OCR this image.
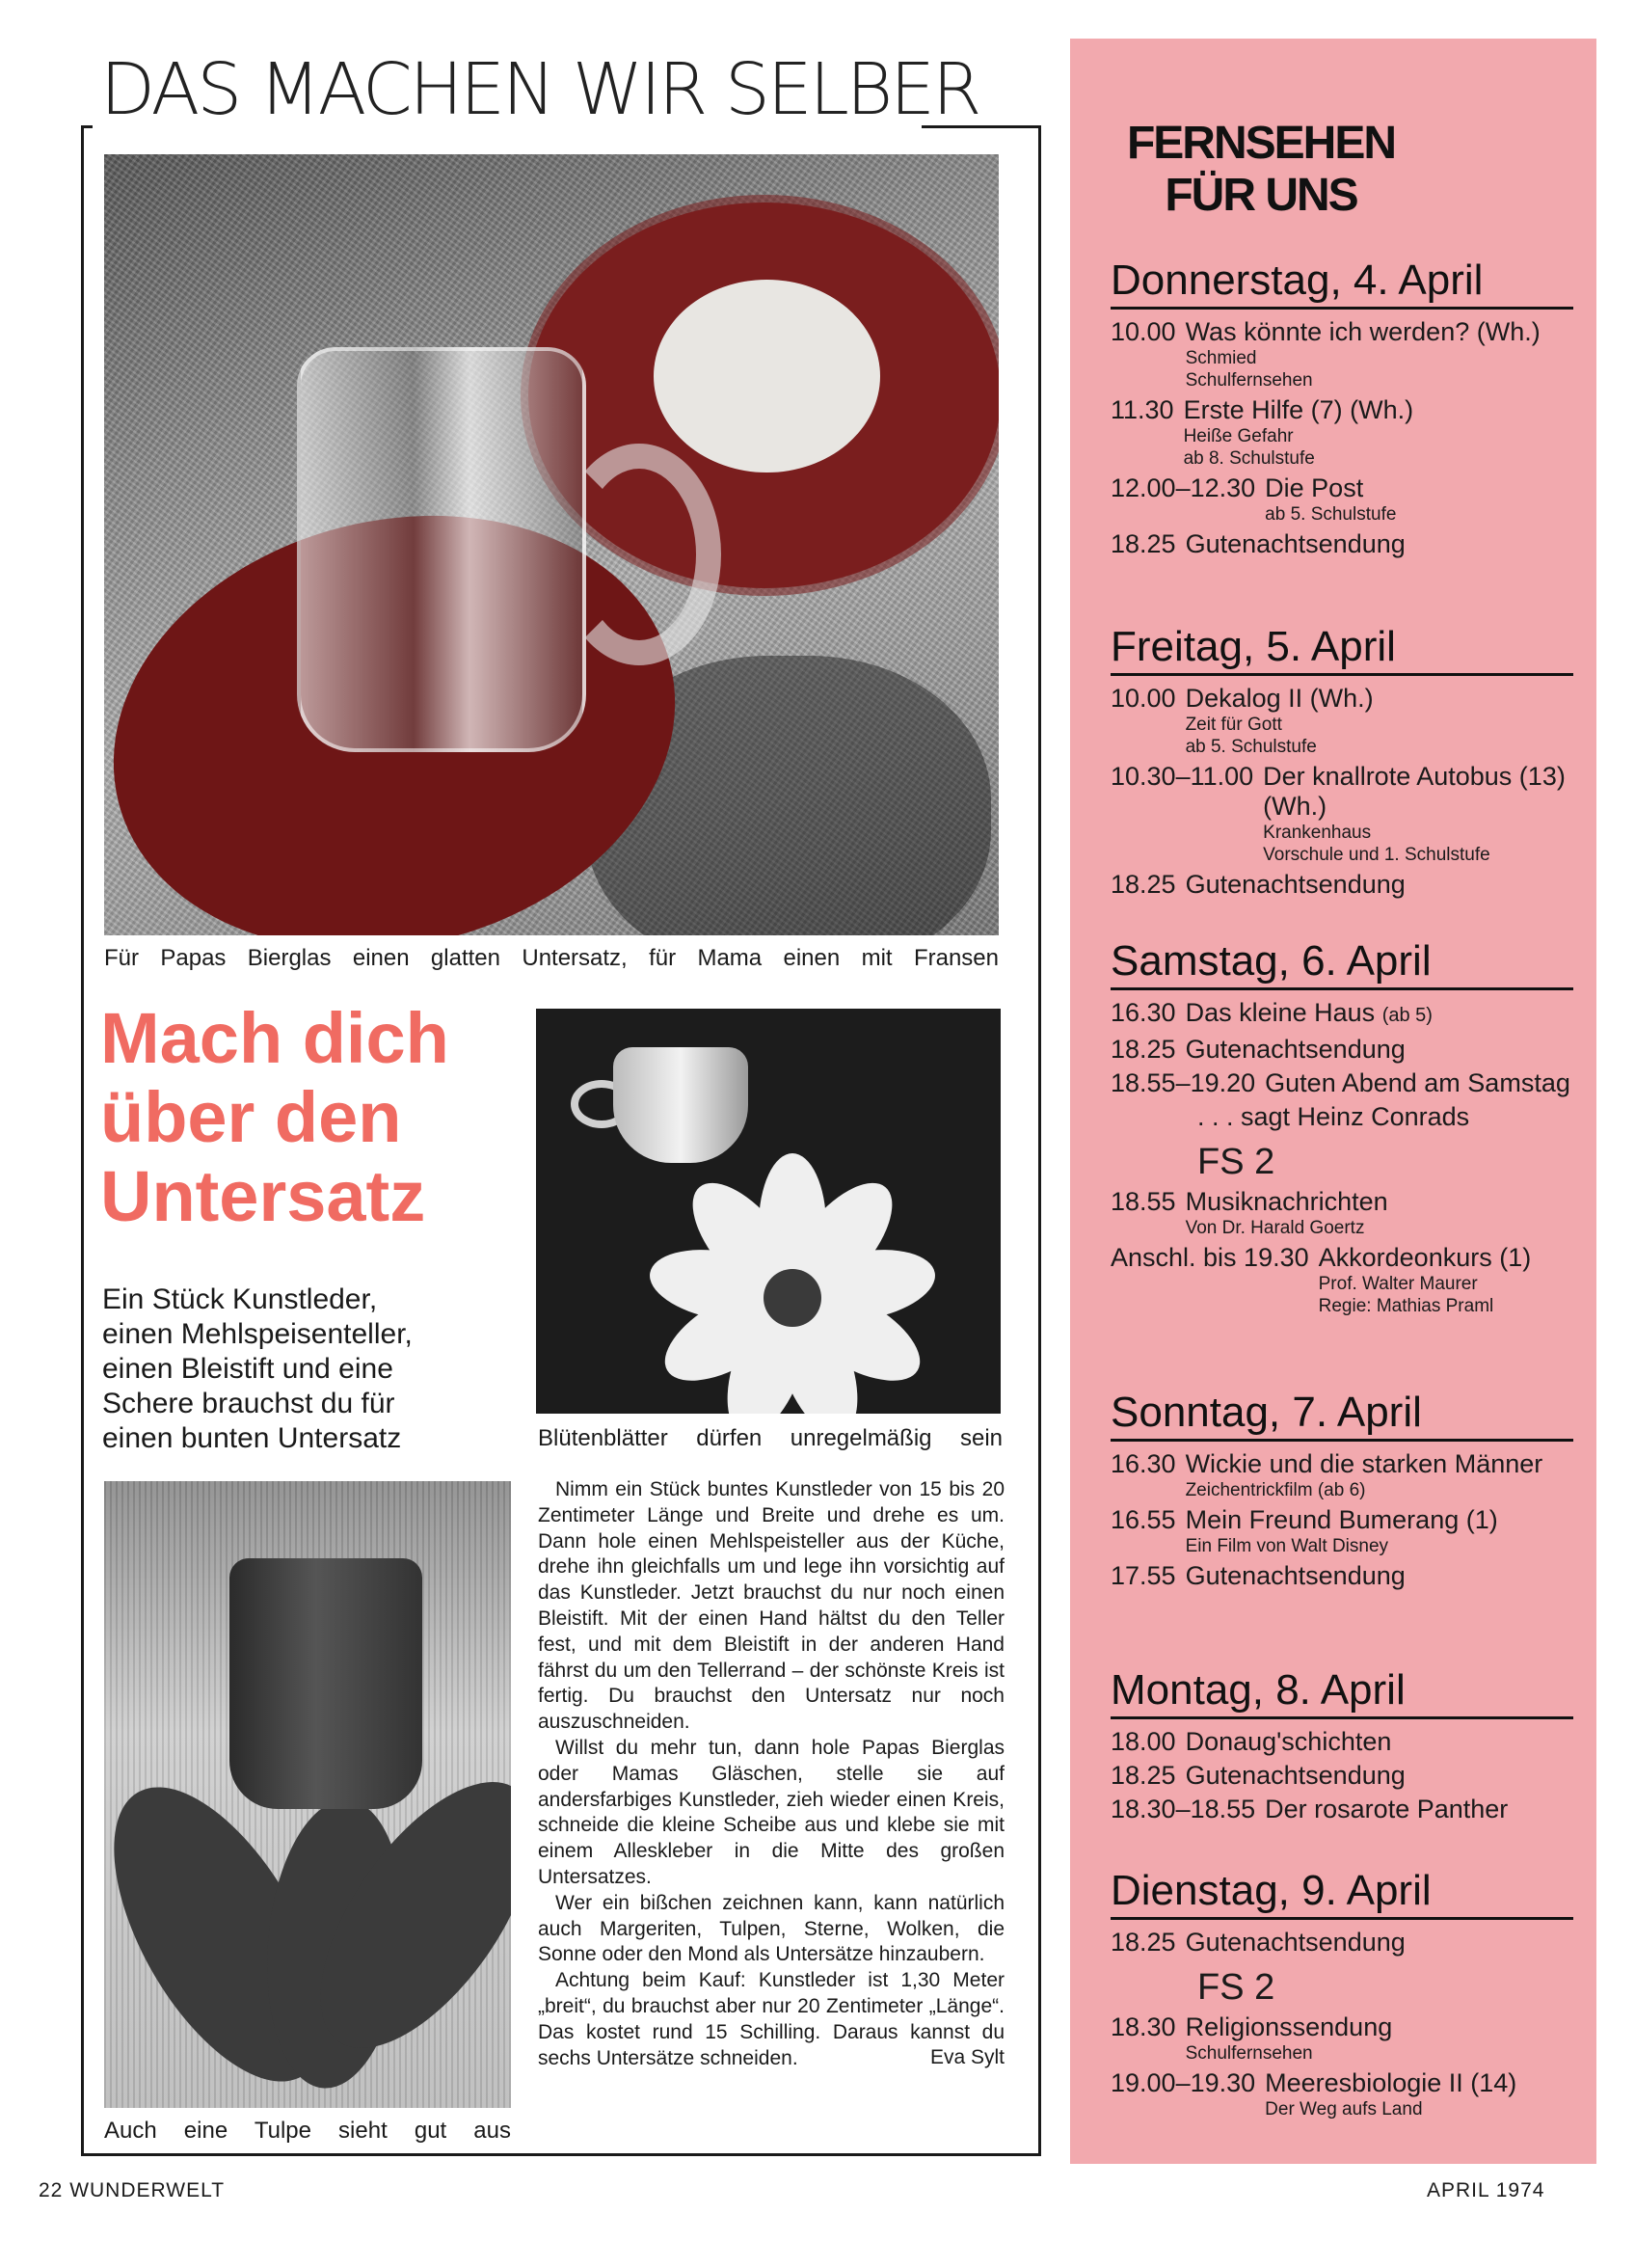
DAS MACHEN WIR SELBER
Für Papas Bierglas einen glatten Untersatz, für Mama einen mit Fransen
Mach dich
über den
Untersatz
Ein Stück Kunstleder,
einen Mehlspeisenteller,
einen Bleistift und eine
Schere brauchst du für
einen bunten Untersatz	Blütenblätter dürfen unregelmäßig sein
Auch eine Tulpe sieht gut aus

Nimm ein Stück buntes Kunstleder von 15 bis 20 Zentimeter Länge und Breite und drehe es um. Dann hole einen Mehlspeisteller aus der Küche, drehe ihn gleichfalls um und lege ihn vorsichtig auf das Kunstleder. Jetzt brauchst du nur noch einen Bleistift. Mit der einen Hand hältst du den Teller fest, und mit dem Bleistift in der anderen Hand fährst du um den Tellerrand – der schönste Kreis ist fertig. Du brauchst den Untersatz nur noch auszuschneiden.

Willst du mehr tun, dann hole Papas Bierglas oder Mamas Gläschen, stelle sie auf andersfarbiges Kunstleder, zieh wieder einen Kreis, schneide die kleine Scheibe aus und klebe sie mit einem Alleskleber in die Mitte des großen Untersatzes.

Wer ein bißchen zeichnen kann, kann natürlich auch Margeriten, Tulpen, Sterne, Wolken, die Sonne oder den Mond als Untersätze hinzaubern.

Achtung beim Kauf: Kunstleder ist 1,30 Meter „breit“, du brauchst aber nur 20 Zentimeter „Länge“. Das kostet rund 15 Schilling. Daraus kannst du sechs Untersätze schneiden.	Eva Sylt
FERNSEHEN
FÜR UNS
Donnerstag, 4. April
10.00 Was könnte ich werden? (Wh.)
Schmied
Schulfernsehen
11.30 Erste Hilfe (7) (Wh.)
Heiße Gefahr
ab 8. Schulstufe
12.00–12.30 Die Post
ab 5. Schulstufe
18.25 Gutenachtsendung
Freitag, 5. April
10.00 Dekalog II (Wh.)
Zeit für Gott
ab 5. Schulstufe
10.30–11.00 Der knallrote Autobus (13) (Wh.)
Krankenhaus
Vorschule und 1. Schulstufe
18.25 Gutenachtsendung
Samstag, 6. April
16.30 Das kleine Haus (ab 5)
18.25 Gutenachtsendung
18.55–19.20 Guten Abend am Samstag
. . . sagt Heinz Conrads
FS 2
18.55 Musiknachrichten
Von Dr. Harald Goertz
Anschl. bis 19.30 Akkordeonkurs (1)
Prof. Walter Maurer
Regie: Mathias Praml
Sonntag, 7. April
16.30 Wickie und die starken Männer
Zeichentrickfilm (ab 6)
16.55 Mein Freund Bumerang (1)
Ein Film von Walt Disney
17.55 Gutenachtsendung
Montag, 8. April
18.00 Donaug'schichten
18.25 Gutenachtsendung
18.30–18.55 Der rosarote Panther
Dienstag, 9. April
18.25 Gutenachtsendung
FS 2
18.30 Religionssendung
Schulfernsehen
19.00–19.30 Meeresbiologie II (14)
Der Weg aufs Land
22 WUNDERWELT	APRIL 1974
